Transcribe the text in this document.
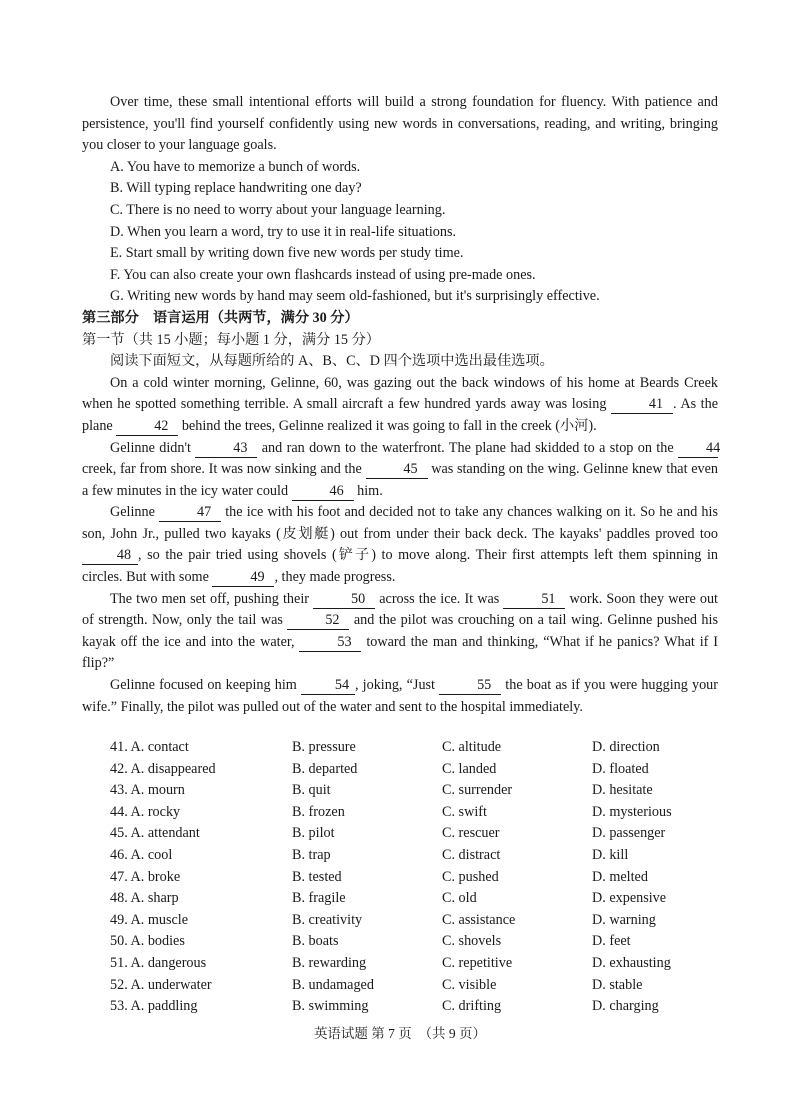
Over time, these small intentional efforts will build a strong foundation for fluency. With patience and persistence, you'll find yourself confidently using new words in conversations, reading, and writing, bringing you closer to your language goals.

A. You have to memorize a bunch of words.

B. Will typing replace handwriting one day?

C. There is no need to worry about your language learning.

D. When you learn a word, try to use it in real-life situations.

E. Start small by writing down five new words per study time.

F. You can also create your own flashcards instead of using pre-made ones.

G. Writing new words by hand may seem old-fashioned, but it's surprisingly effective.

第三部分　语言运用（共两节，满分 30 分）

第一节（共 15 小题；每小题 1 分，满分 15 分）

阅读下面短文，从每题所给的 A、B、C、D 四个选项中选出最佳选项。

On a cold winter morning, Gelinne, 60, was gazing out the back windows of his home at Beards Creek when he spotted something terrible. A small aircraft a few hundred yards away was losing	41 . As the plane	42 behind the trees, Gelinne realized it was going to fall in the creek (小河).

Gelinne didn't	43 and ran down to the waterfront. The plane had skidded to a stop on the 44 creek, far from shore. It was now sinking and the	45 was standing on the wing. Gelinne knew that even a few minutes in the icy water could	46 him.

Gelinne	47 the ice with his foot and decided not to take any chances walking on it. So he and his son, John Jr., pulled two kayaks (皮划艇) out from under their back deck. The kayaks' paddles proved too 48 , so the pair tried using shovels (铲子) to move along. Their first attempts left them spinning in circles. But with some	49 , they made progress.

The two men set off, pushing their	50 across the ice. It was	51 work. Soon they were out of strength. Now, only the tail was	52 and the pilot was crouching on a tail wing. Gelinne pushed his kayak off the ice and into the water,	53 toward the man and thinking, “What if he panics? What if I flip?”

Gelinne focused on keeping him 54 , joking, “Just	55 the boat as if you were hugging your wife.” Finally, the pilot was pulled out of the water and sent to the hospital immediately.

41. A. contact	B. pressure	C. altitude	D. direction
42. A. disappeared	B. departed	C. landed	D. floated
43. A. mourn	B. quit	C. surrender	D. hesitate
44. A. rocky	B. frozen	C. swift	D. mysterious
45. A. attendant	B. pilot	C. rescuer	D. passenger
46. A. cool	B. trap	C. distract	D. kill
47. A. broke	B. tested	C. pushed	D. melted
48. A. sharp	B. fragile	C. old	D. expensive
49. A. muscle	B. creativity	C. assistance	D. warning
50. A. bodies	B. boats	C. shovels	D. feet
51. A. dangerous	B. rewarding	C. repetitive	D. exhausting
52. A. underwater	B. undamaged	C. visible	D. stable
53. A. paddling	B. swimming	C. drifting	D. charging
英语试题 第 7 页　（共 9 页）
